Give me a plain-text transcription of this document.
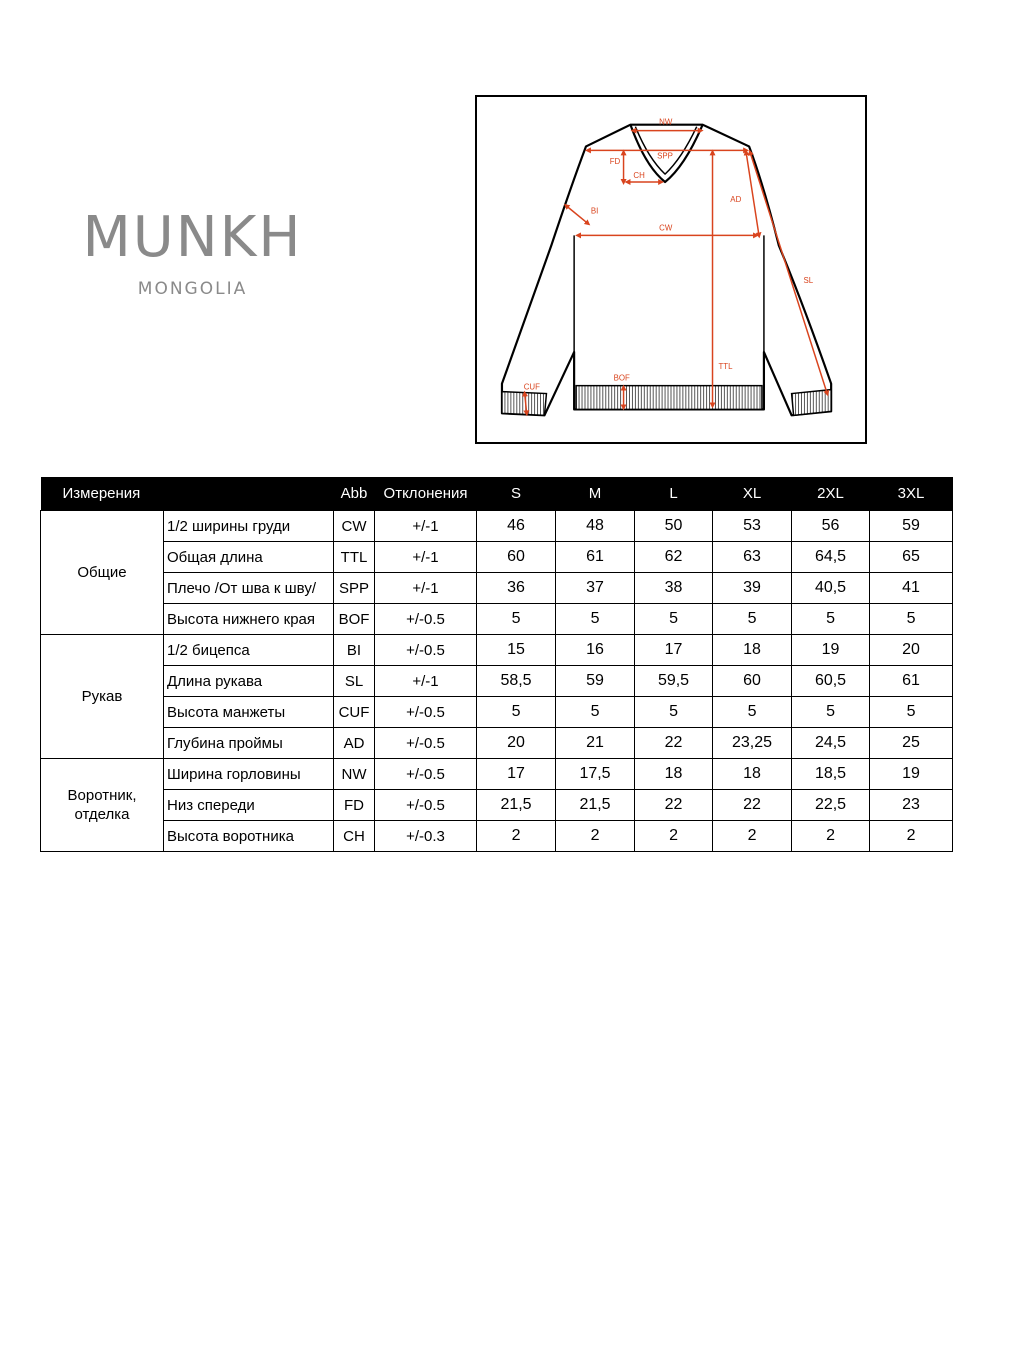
MUNKH
MONGOLIA
NW
SPP
FD
CH
BI
CW
AD
SL
TTL
BOF
CUF
Измерения		Abb	Отклонения	S	M	L	XL	2XL	3XL
Общие	1/2 ширины груди	CW	+/-1	46	48	50	53	56	59
	Общая длина	TTL	+/-1	60	61	62	63	64,5	65
	Плечо /От шва к шву/	SPP	+/-1	36	37	38	39	40,5	41
	Высота нижнего края	BOF	+/-0.5	5	5	5	5	5	5
Рукав	1/2 бицепса	BI	+/-0.5	15	16	17	18	19	20
	Длина рукава	SL	+/-1	58,5	59	59,5	60	60,5	61
	Высота манжеты	CUF	+/-0.5	5	5	5	5	5	5
	Глубина проймы	AD	+/-0.5	20	21	22	23,25	24,5	25
Воротник, отделка	Ширина горловины	NW	+/-0.5	17	17,5	18	18	18,5	19
	Низ спереди	FD	+/-0.5	21,5	21,5	22	22	22,5	23
	Высота воротника	CH	+/-0.3	2	2	2	2	2	2
